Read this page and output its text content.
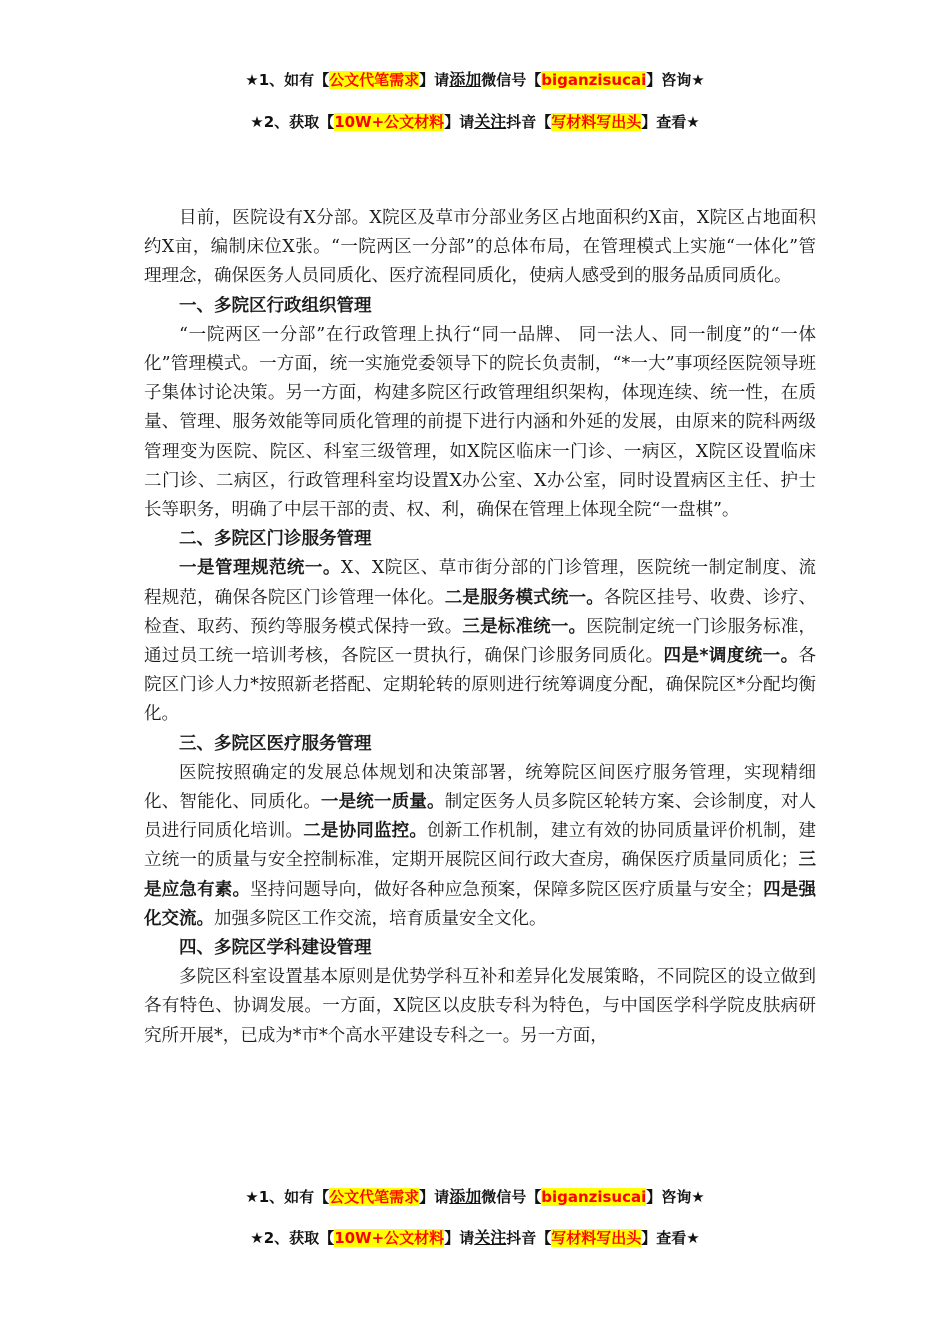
★1、如有【公文代笔需求】请添加微信号【biganzisucai】咨询★
★2、获取【10W+公文材料】请关注抖音【写材料写出头】查看★

目前，医院设有X分部。X院区及草市分部业务区占地面积约X亩，X院区占地面积约X亩，编制床位X张。“一院两区一分部”的总体布局，在管理模式上实施“一体化”管理理念，确保医务人员同质化、医疗流程同质化，使病人感受到的服务品质同质化。

一、多院区行政组织管理

“一院两区一分部”在行政管理上执行“同一品牌、 同一法人、同一制度”的“一体化”管理模式。一方面，统一实施党委领导下的院长负责制，“*一大”事项经医院领导班子集体讨论决策。另一方面，构建多院区行政管理组织架构，体现连续、统一性，在质量、管理、服务效能等同质化管理的前提下进行内涵和外延的发展，由原来的院科两级管理变为医院、院区、科室三级管理，如X院区临床一门诊、一病区，X院区设置临床二门诊、二病区，行政管理科室均设置X办公室、X办公室，同时设置病区主任、护士长等职务，明确了中层干部的责、权、利，确保在管理上体现全院“一盘棋”。

二、多院区门诊服务管理

一是管理规范统一。X、X院区、草市街分部的门诊管理，医院统一制定制度、流程规范，确保各院区门诊管理一体化。二是服务模式统一。各院区挂号、收费、诊疗、检查、取药、预约等服务模式保持一致。三是标准统一。医院制定统一门诊服务标准，通过员工统一培训考核，各院区一贯执行，确保门诊服务同质化。四是*调度统一。各院区门诊人力*按照新老搭配、定期轮转的原则进行统筹调度分配，确保院区*分配均衡化。

三、多院区医疗服务管理

医院按照确定的发展总体规划和决策部署，统筹院区间医疗服务管理，实现精细化、智能化、同质化。一是统一质量。制定医务人员多院区轮转方案、会诊制度，对人员进行同质化培训。二是协同监控。创新工作机制，建立有效的协同质量评价机制，建立统一的质量与安全控制标准，定期开展院区间行政大查房，确保医疗质量同质化；三是应急有素。坚持问题导向，做好各种应急预案，保障多院区医疗质量与安全；四是强化交流。加强多院区工作交流，培育质量安全文化。

四、多院区学科建设管理

多院区科室设置基本原则是优势学科互补和差异化发展策略，不同院区的设立做到各有特色、协调发展。一方面，X院区以皮肤专科为特色，与中国医学科学院皮肤病研究所开展*，已成为*市*个高水平建设专科之一。另一方面，

★1、如有【公文代笔需求】请添加微信号【biganzisucai】咨询★
★2、获取【10W+公文材料】请关注抖音【写材料写出头】查看★
